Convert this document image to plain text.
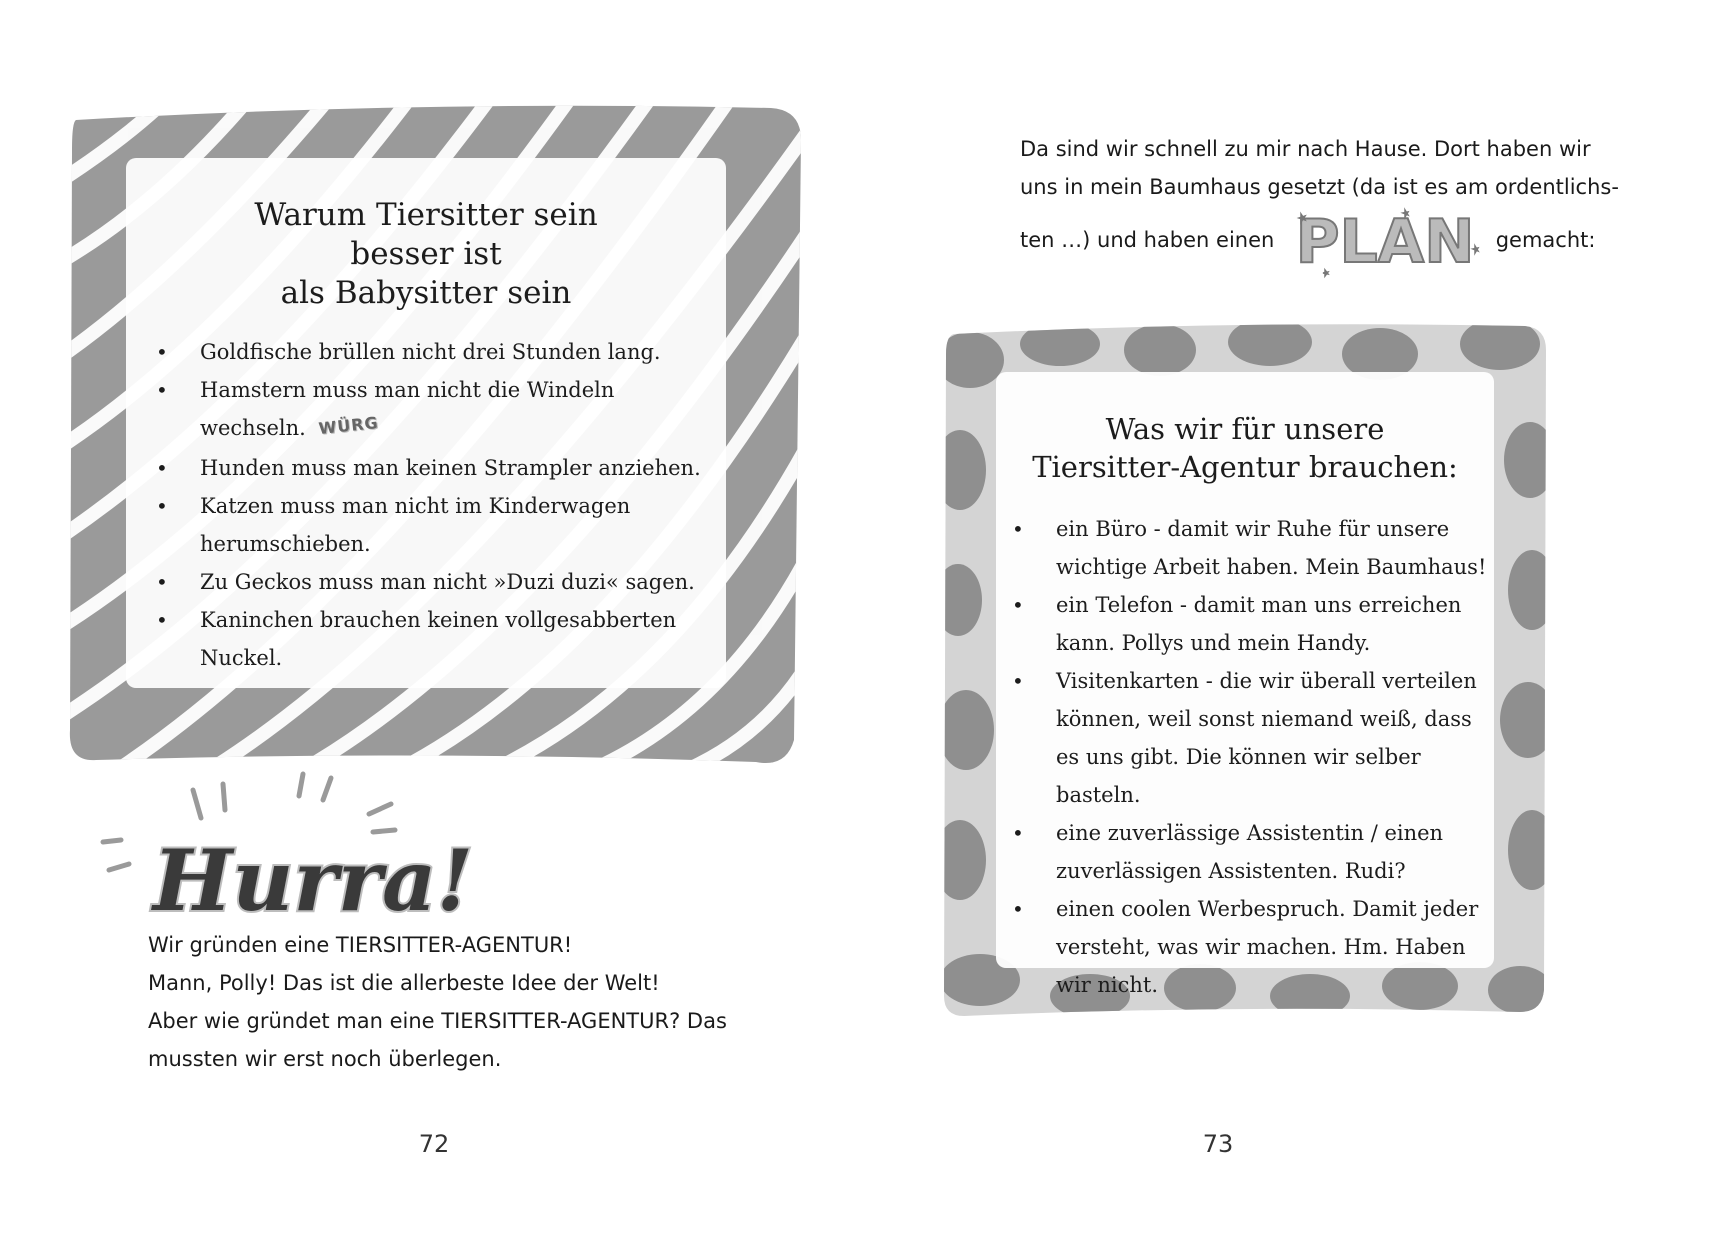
Warum Tiersitter sein
besser ist
als Babysitter sein
• Goldfische brüllen nicht drei Stunden lang.
• Hamstern muss man nicht die Windeln wechseln. WÜRG
• Hunden muss man keinen Strampler anziehen.
• Katzen muss man nicht im Kinderwagen herumschieben.
• Zu Geckos muss man nicht »Duzi duzi« sagen.
• Kaninchen brauchen keinen vollgesabberten Nuckel.
Hurra!

Wir gründen eine TIERSITTER-AGENTUR!

Mann, Polly! Das ist die allerbeste Idee der Welt!

Aber wie gründet man eine TIERSITTER-AGENTUR? Das

mussten wir erst noch überlegen.

72

Da sind wir schnell zu mir nach Hause. Dort haben wir

uns in mein Baumhaus gesetzt (da ist es am ordentlichs-

ten …) und haben einen PLAN gemacht:

Was wir für unsere
Tiersitter-Agentur brauchen:
• ein Büro - damit wir Ruhe für unsere wichtige Arbeit haben. Mein Baumhaus!
• ein Telefon - damit man uns erreichen kann. Pollys und mein Handy.
• Visitenkarten - die wir überall verteilen können, weil sonst niemand weiß, dass es uns gibt. Die können wir selber basteln.
• eine zuverlässige Assistentin / einen zuverlässigen Assistenten. Rudi?
• einen coolen Werbespruch. Damit jeder versteht, was wir machen. Hm. Haben wir nicht.
73
